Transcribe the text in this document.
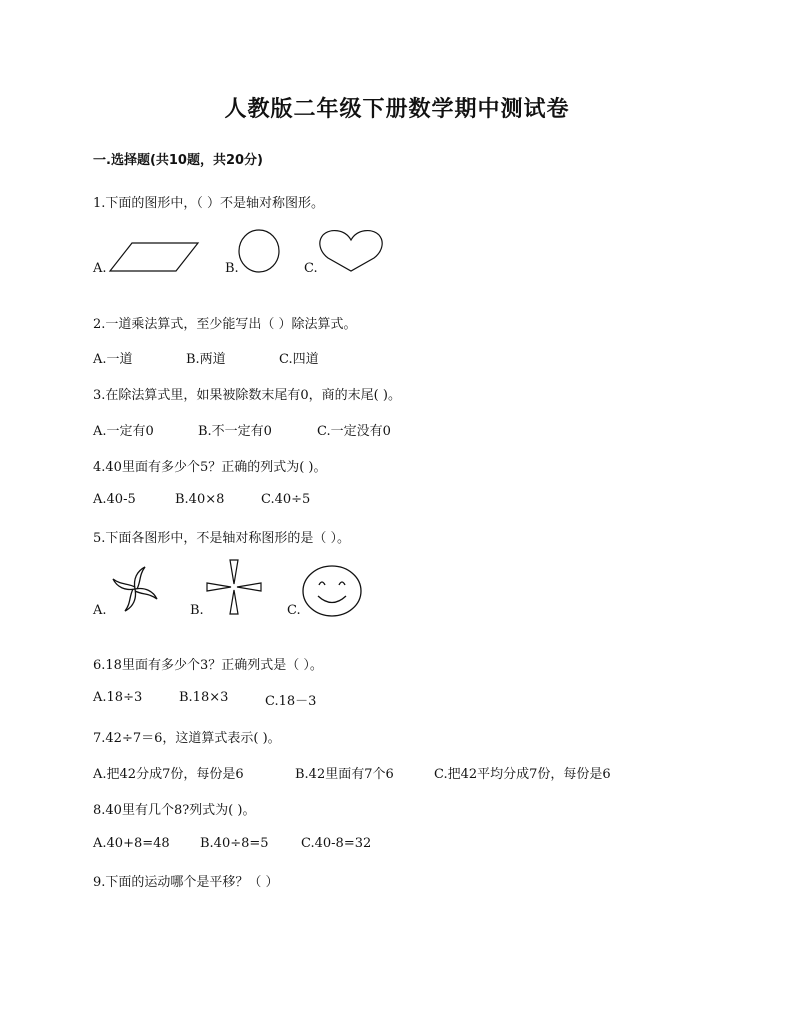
人教版二年级下册数学期中测试卷
一.选择题(共10题，共20分)
1.下面的图形中，（ ）不是轴对称图形。
A.	B.	C.
2.一道乘法算式，至少能写出（ ）除法算式。
A.一道	B.两道	C.四道
3.在除法算式里，如果被除数末尾有0，商的末尾( )。
A.一定有0	B.不一定有0	C.一定没有0
4.40里面有多少个5？正确的列式为( )。
A.40-5	B.40×8	C.40÷5
5.下面各图形中，不是轴对称图形的是（ ）。
A.	B.	C.
6.18里面有多少个3？正确列式是（ ）。
A.18÷3	B.18×3	C.18－3
7.42÷7＝6，这道算式表示( )。
A.把42分成7份，每份是6	B.42里面有7个6	C.把42平均分成7份，每份是6
8.40里有几个8?列式为( )。
A.40+8=48 B.40÷8=5 C.40-8=32
9.下面的运动哪个是平移？（ ）
